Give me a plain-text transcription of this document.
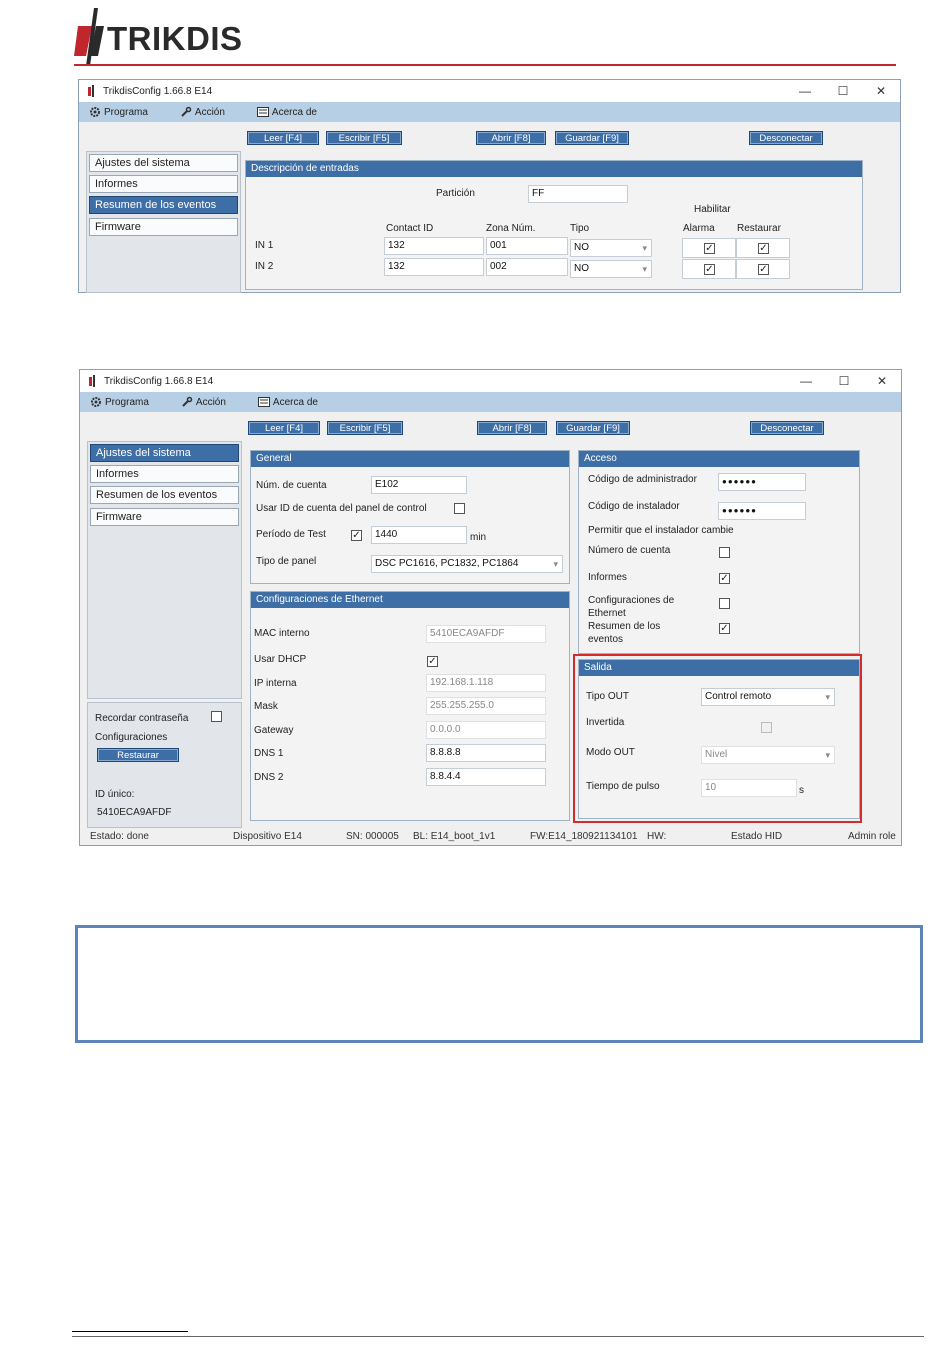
TRIKDIS
TrikdisConfig 1.66.8 E14	—	☐	✕
Programa	Acción	Acerca de
Leer [F4]	Escribir [F5]	Abrir [F8]	Guardar [F9]	Desconectar
Ajustes del sistema
Informes
Resumen de los eventos
Firmware
Descripción de entradas
Partición	FF
Habilitar
Contact ID	Zona Núm.	Tipo	Alarma Restaurar
IN 1	132	001	NO ▾	✓	✓
IN 2	132	002	NO ▾	✓	✓
TrikdisConfig 1.66.8 E14	—	☐	✕
Programa	Acción	Acerca de
Leer [F4]	Escribir [F5]	Abrir [F8]	Guardar [F9]	Desconectar
Ajustes del sistema
Informes
Resumen de los eventos
Firmware
Recordar contraseña
Configuraciones
Restaurar
ID único:
5410ECA9AFDF
General
Núm. de cuenta	E102
Usar ID de cuenta del panel de control
Período de Test	✓	1440	min
Tipo de panel	DSC PC1616, PC1832, PC1864 ▾
Configuraciones de Ethernet
MAC interno	5410ECA9AFDF
Usar DHCP	✓
IP interna	192.168.1.118
Mask	255.255.255.0
Gateway	0.0.0.0
DNS 1	8.8.8.8
DNS 2	8.8.4.4
Acceso
Código de administrador	●●●●●●
Código de instalador	●●●●●●
Permitir que el instalador cambie
Número de cuenta
Informes	✓
Configuraciones de
Ethernet
Resumen de los
eventos
✓
Salida
Tipo OUT	Control remoto ▾
Invertida
Modo OUT	Nivel ▾
Tiempo de pulso	10	s
Estado: done	Dispositivo E14	SN: 000005 BL: E14_boot_1v1	FW:E14_180921134101 HW:	Estado HID	Admin role
